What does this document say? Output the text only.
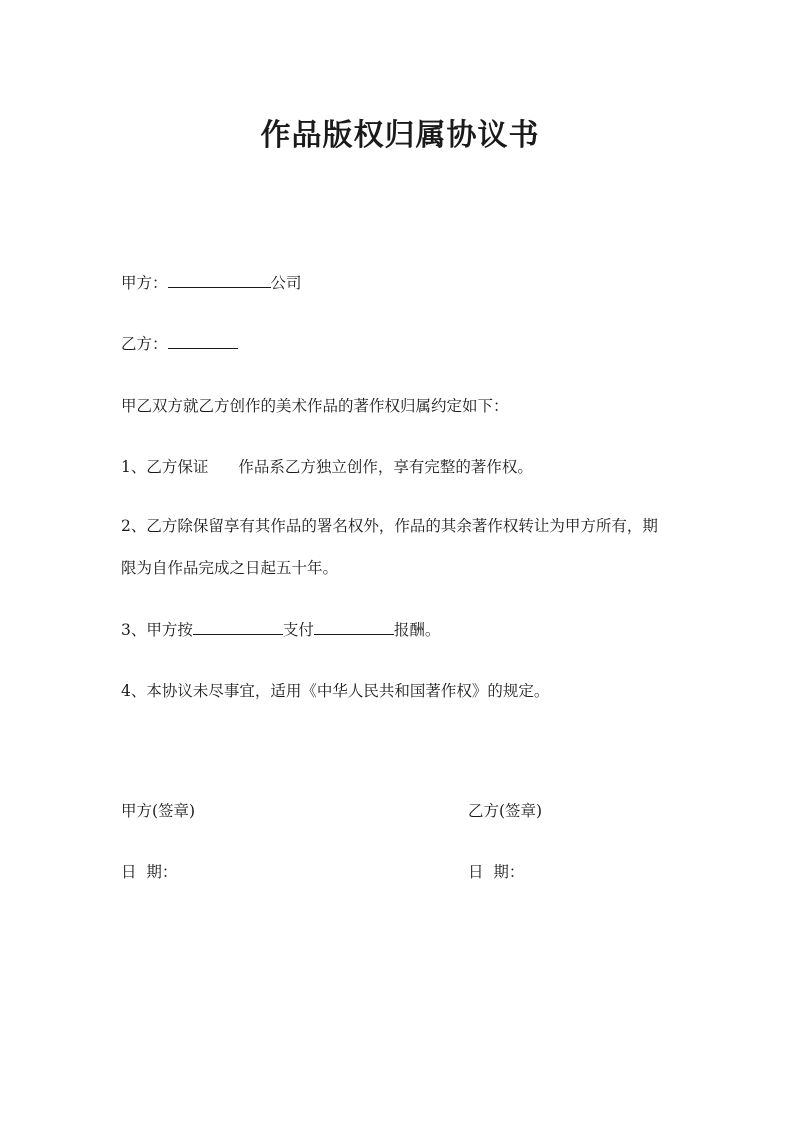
作品版权归属协议书
甲方：	公司
乙方：
甲乙双方就乙方创作的美术作品的著作权归属约定如下：
1、乙方保证 作品系乙方独立创作，享有完整的著作权。
2、乙方除保留享有其作品的署名权外，作品的其余著作权转让为甲方所有，期
限为自作品完成之日起五十年。
3、甲方按	支付	报酬。
4、本协议未尽事宜，适用《中华人民共和国著作权》的规定。
甲方(签章)	乙方(签章)
日  期：	日  期：
